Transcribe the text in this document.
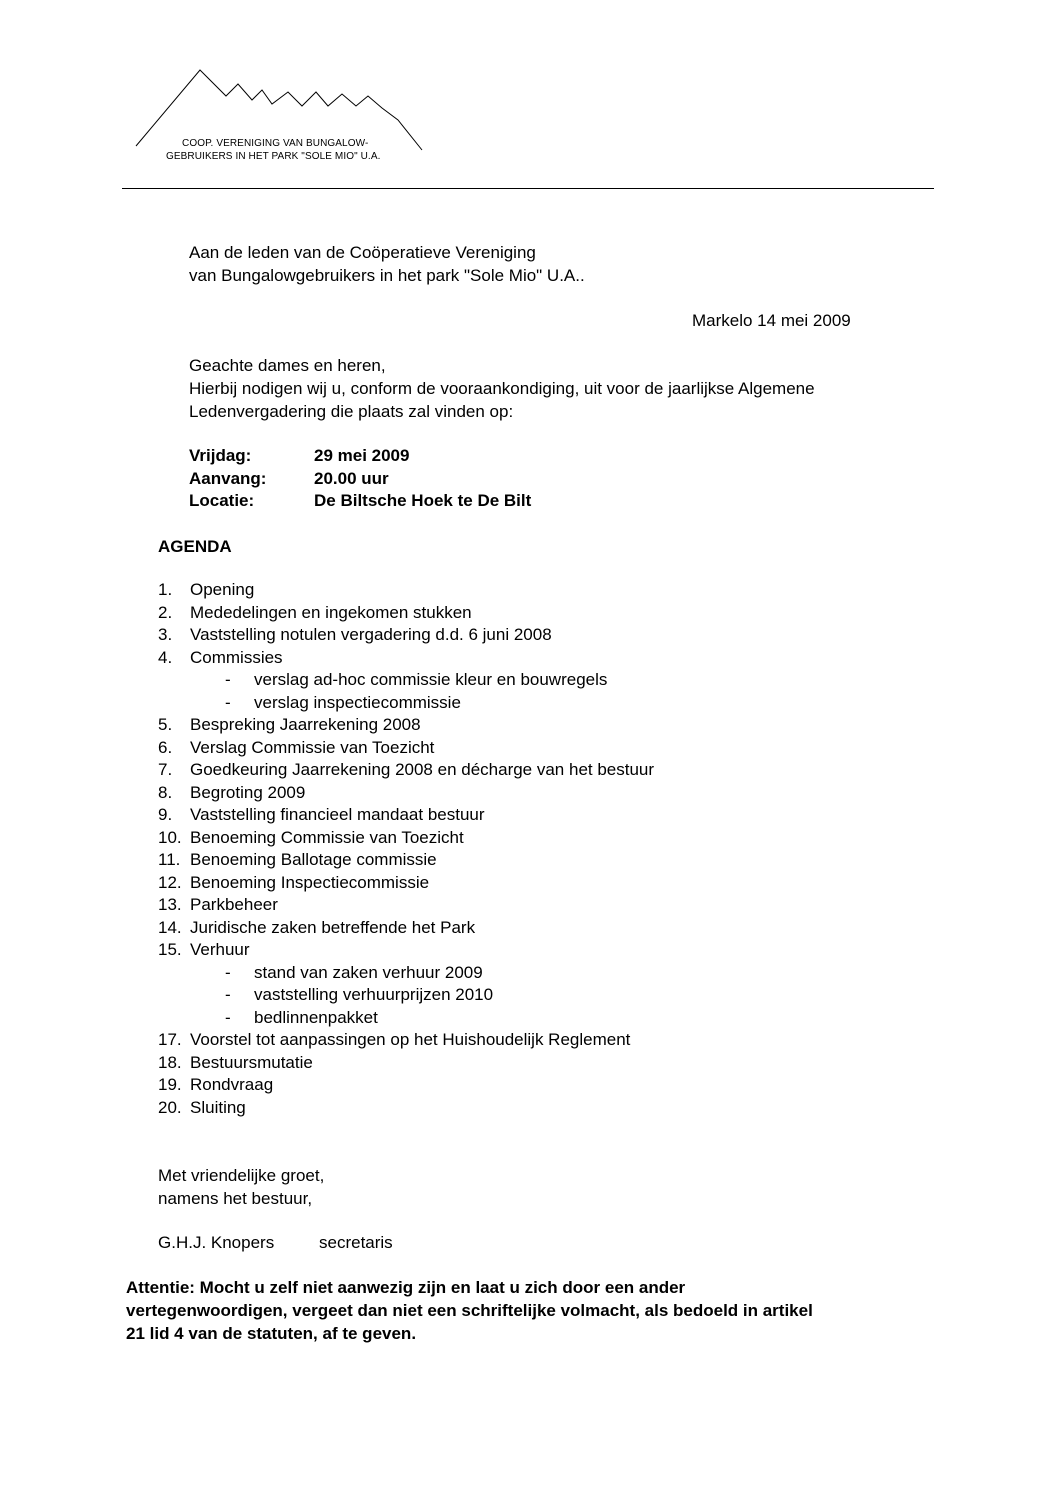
COOP. VERENIGING VAN BUNGALOW-
GEBRUIKERS IN HET PARK "SOLE MIO" U.A.
Aan de leden van de Coöperatieve Vereniging
van Bungalowgebruikers in het park "Sole Mio" U.A..
Markelo 14 mei 2009
Geachte dames en heren,
Hierbij nodigen wij u, conform de vooraankondiging, uit voor de jaarlijkse Algemene
Ledenvergadering die plaats zal vinden op:
Vrijdag:	29 mei 2009
Aanvang:	20.00 uur
Locatie:	De Biltsche Hoek te De Bilt
AGENDA
1. Opening
2. Mededelingen en ingekomen stukken
3. Vaststelling notulen vergadering d.d. 6 juni 2008
4. Commissies
- verslag ad-hoc commissie kleur en bouwregels
- verslag inspectiecommissie
5. Bespreking Jaarrekening 2008
6. Verslag Commissie van Toezicht
7. Goedkeuring Jaarrekening 2008 en décharge van het bestuur
8. Begroting 2009
9. Vaststelling financieel mandaat bestuur
10. Benoeming Commissie van Toezicht
11. Benoeming Ballotage commissie
12. Benoeming Inspectiecommissie
13. Parkbeheer
14. Juridische zaken betreffende het Park
15. Verhuur
- stand van zaken verhuur 2009
- vaststelling verhuurprijzen 2010
- bedlinnenpakket
17. Voorstel tot aanpassingen op het Huishoudelijk Reglement
18. Bestuursmutatie
19. Rondvraag
20. Sluiting
Met vriendelijke groet,
namens het bestuur,
G.H.J. Knopers	secretaris
Attentie: Mocht u zelf niet aanwezig zijn en laat u zich door een ander
vertegenwoordigen, vergeet dan niet een schriftelijke volmacht, als bedoeld in artikel
21 lid 4 van de statuten, af te geven.
